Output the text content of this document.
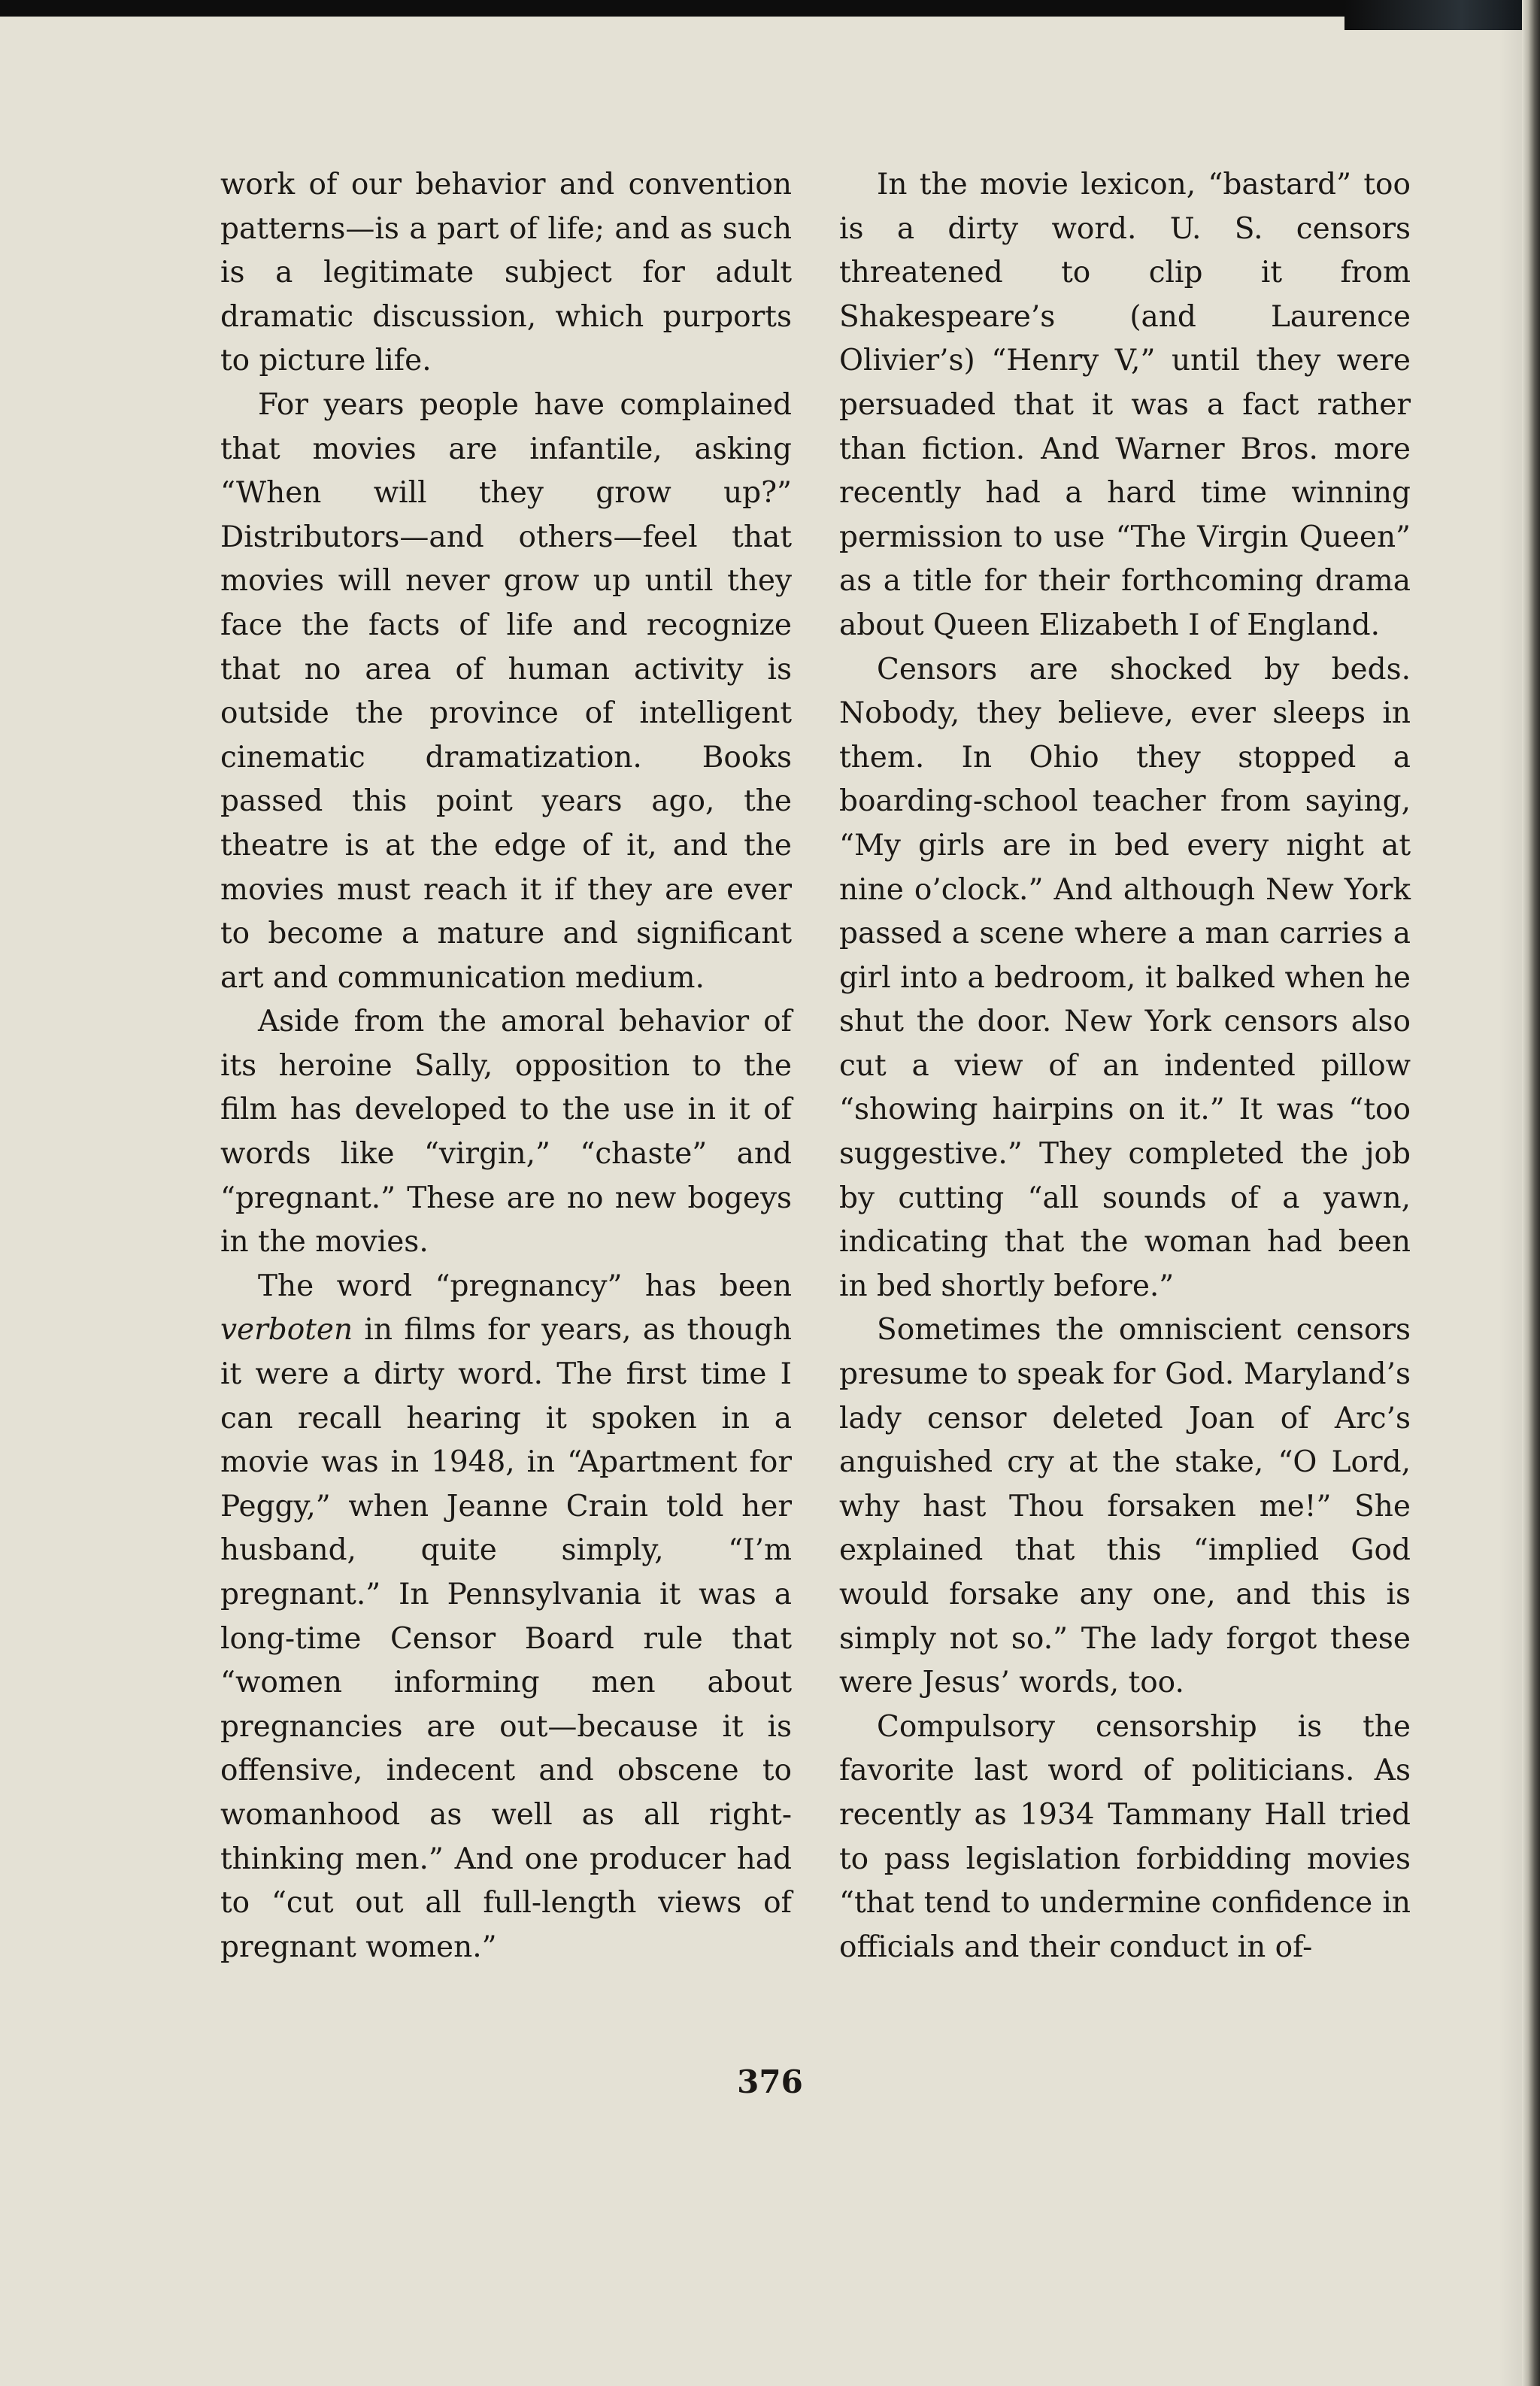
work of our behavior and convention patterns—is a part of life; and as such is a legitimate subject for adult dramatic discussion, which purports to picture life.

For years people have complained that movies are infantile, asking “When will they grow up?” Distributors—and others—feel that movies will never grow up until they face the facts of life and recognize that no area of human activity is outside the province of intelligent cinematic dramatization. Books passed this point years ago, the theatre is at the edge of it, and the movies must reach it if they are ever to become a mature and significant art and communication medium.

Aside from the amoral behavior of its heroine Sally, opposition to the film has developed to the use in it of words like “virgin,” “chaste” and “pregnant.” These are no new bogeys in the movies.

The word “pregnancy” has been verboten in films for years, as though it were a dirty word. The first time I can recall hearing it spoken in a movie was in 1948, in “Apartment for Peggy,” when Jeanne Crain told her husband, quite simply, “I’m pregnant.” In Pennsylvania it was a long-time Censor Board rule that “women informing men about pregnancies are out—because it is offensive, indecent and obscene to womanhood as well as all right-thinking men.” And one producer had to “cut out all full-length views of pregnant women.”

In the movie lexicon, “bastard” too is a dirty word. U. S. censors threatened to clip it from Shakespeare’s (and Laurence Olivier’s) “Henry V,” until they were persuaded that it was a fact rather than fiction. And Warner Bros. more recently had a hard time winning permission to use “The Virgin Queen” as a title for their forthcoming drama about Queen Elizabeth I of England.

Censors are shocked by beds. Nobody, they believe, ever sleeps in them. In Ohio they stopped a boarding-school teacher from saying, “My girls are in bed every night at nine o’clock.” And although New York passed a scene where a man carries a girl into a bedroom, it balked when he shut the door. New York censors also cut a view of an indented pillow “showing hairpins on it.” It was “too suggestive.” They completed the job by cutting “all sounds of a yawn, indicating that the woman had been in bed shortly before.”

Sometimes the omniscient censors presume to speak for God. Maryland’s lady censor deleted Joan of Arc’s anguished cry at the stake, “O Lord, why hast Thou forsaken me!” She explained that this “implied God would forsake any one, and this is simply not so.” The lady forgot these were Jesus’ words, too.

Compulsory censorship is the favorite last word of politicians. As recently as 1934 Tammany Hall tried to pass legislation forbidding movies “that tend to undermine confidence in officials and their conduct in of-

376
